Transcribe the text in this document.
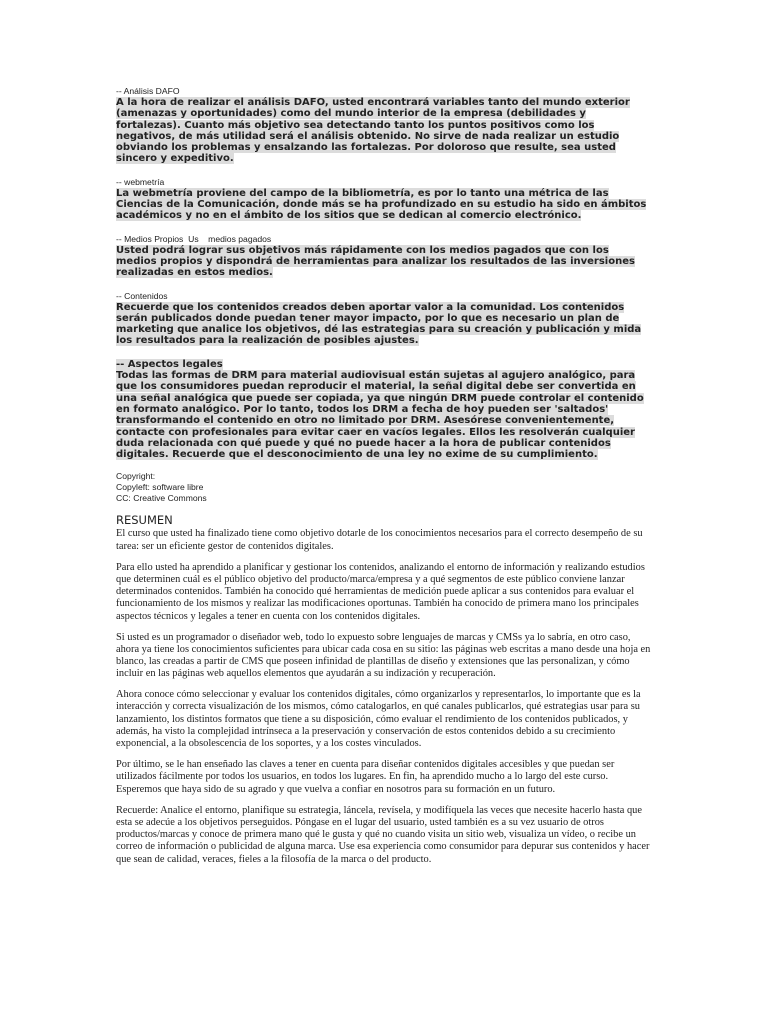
-- Análisis DAFO

A la hora de realizar el análisis DAFO, usted encontrará variables tanto del mundo exterior (amenazas y oportunidades) como del mundo interior de la empresa (debilidades y fortalezas). Cuanto más objetivo sea detectando tanto los puntos positivos como los negativos, de más utilidad será el análisis obtenido. No sirve de nada realizar un estudio obviando los problemas y ensalzando las fortalezas. Por doloroso que resulte, sea usted sincero y expeditivo.

-- webmetría

La webmetría proviene del campo de la bibliometría, es por lo tanto una métrica de las Ciencias de la Comunicación, donde más se ha profundizado en su estudio ha sido en ámbitos académicos y no en el ámbito de los sitios que se dedican al comercio electrónico.

-- Medios Propios  Us    medios pagados

Usted podrá lograr sus objetivos más rápidamente con los medios pagados que con los medios propios y dispondrá de herramientas para analizar los resultados de las inversiones realizadas en estos medios.

-- Contenidos

Recuerde que los contenidos creados deben aportar valor a la comunidad. Los contenidos serán publicados donde puedan tener mayor impacto, por lo que es necesario un plan de marketing que analice los objetivos, dé las estrategias para su creación y publicación y mida los resultados para la realización de posibles ajustes.

-- Aspectos legales

Todas las formas de DRM para material audiovisual están sujetas al agujero analógico, para que los consumidores puedan reproducir el material, la señal digital debe ser convertida en una señal analógica que puede ser copiada, ya que ningún DRM puede controlar el contenido en formato analógico. Por lo tanto, todos los DRM a fecha de hoy pueden ser 'saltados' transformando el contenido en otro no limitado por DRM. Asesórese convenientemente, contacte con profesionales para evitar caer en vacíos legales. Ellos les resolverán cualquier duda relacionada con qué puede y qué no puede hacer a la hora de publicar contenidos digitales. Recuerde que el desconocimiento de una ley no exime de su cumplimiento.

Copyright:
Copyleft: software libre
CC: Creative Commons
RESUMEN

El curso que usted ha finalizado tiene como objetivo dotarle de los conocimientos necesarios para el correcto desempeño de su tarea: ser un eficiente gestor de contenidos digitales.

Para ello usted ha aprendido a planificar y gestionar los contenidos, analizando el entorno de información y realizando estudios que determinen cuál es el público objetivo del producto/marca/empresa y a qué segmentos de este público conviene lanzar determinados contenidos. También ha conocido qué herramientas de medición puede aplicar a sus contenidos para evaluar el funcionamiento de los mismos y realizar las modificaciones oportunas. También ha conocido de primera mano los principales aspectos técnicos y legales a tener en cuenta con los contenidos digitales.

Si usted es un programador o diseñador web, todo lo expuesto sobre lenguajes de marcas y CMSs ya lo sabría, en otro caso, ahora ya tiene los conocimientos suficientes para ubicar cada cosa en su sitio: las páginas web escritas a mano desde una hoja en blanco, las creadas a partir de CMS que poseen infinidad de plantillas de diseño y extensiones que las personalizan, y cómo incluir en las páginas web aquellos elementos que ayudarán a su indización y recuperación.

Ahora conoce cómo seleccionar y evaluar los contenidos digitales, cómo organizarlos y representarlos, lo importante que es la interacción y correcta visualización de los mismos, cómo catalogarlos, en qué canales publicarlos, qué estrategias usar para su lanzamiento, los distintos formatos que tiene a su disposición, cómo evaluar el rendimiento de los contenidos publicados, y además, ha visto la complejidad intrínseca a la preservación y conservación de estos contenidos debido a su crecimiento exponencial, a la obsolescencia de los soportes, y a los costes vinculados.

Por último, se le han enseñado las claves a tener en cuenta para diseñar contenidos digitales accesibles y que puedan ser utilizados fácilmente por todos los usuarios, en todos los lugares. En fin, ha aprendido mucho a lo largo del este curso. Esperemos que haya sido de su agrado y que vuelva a confiar en nosotros para su formación en un futuro.

Recuerde: Analice el entorno, planifique su estrategia, láncela, revísela, y modifíquela las veces que necesite hacerlo hasta que esta se adecúe a los objetivos perseguidos. Póngase en el lugar del usuario, usted también es a su vez usuario de otros productos/marcas y conoce de primera mano qué le gusta y qué no cuando visita un sitio web, visualiza un vídeo, o recibe un correo de información o publicidad de alguna marca. Use esa experiencia como consumidor para depurar sus contenidos y hacer que sean de calidad, veraces, fieles a la filosofía de la marca o del producto.
